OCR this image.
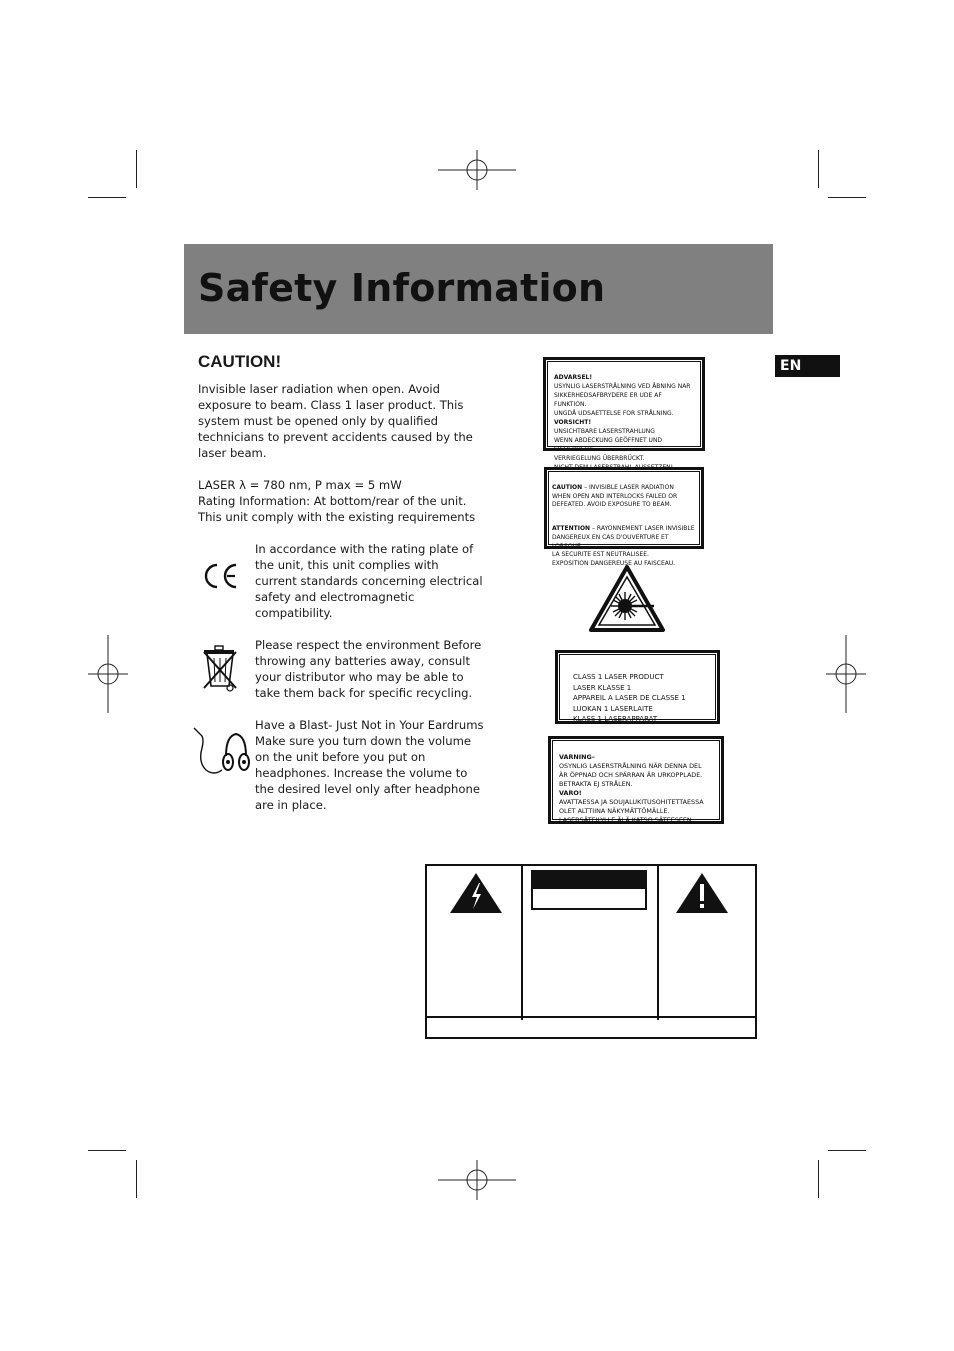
Safety Information
EN
CAUTION!

Invisible laser radiation when open. Avoid
exposure to beam. Class 1 laser product. This
system must be opened only by qualified
technicians to prevent accidents caused by the
laser beam.

LASER λ = 780 nm, P max = 5 mW

Rating Information: At bottom/rear of the unit.
This unit comply with the existing requirements

In accordance with the rating plate of
the unit, this unit complies with
current standards concerning electrical
safety and electromagnetic
compatibility.

Please respect the environment Before
throwing any batteries away, consult
your distributor who may be able to
take them back for specific recycling.

Have a Blast- Just Not in Your Eardrums
Make sure you turn down the volume
on the unit before you put on
headphones. Increase the volume to
the desired level only after headphone
are in place.

ADVARSEL!
USYNLIG LASERSTRÅLNING VED ÅBNING NAR
SIKKERHEDSAFBRYDERE ER UDE AF FUNKTION.
UNGDÅ UDSAETTELSE FOR STRÅLNING.
VORSICHT!
UNSICHTBARE LASERSTRAHLUNG
WENN ABDECKUNG GEÖFFNET UND SICHERHEITS–
VERRIEGELUNG ÜBERBRÜCKT.

CAUTION – INVISIBLE LASER RADIATION
WHEN OPEN AND INTERLOCKS FAILED OR
DEFEATED. AVOID EXPOSURE TO BEAM.

ATTENTION – RAYONNEMENT LASER INVISIBLE
DANGEREUX EN CAS D'OUVERTURE ET LORSQUE
LA SECURITE EST NEUTRALISEE.
EXPOSITION DANGEREUSE AU FAISCEAU.

CLASS 1 LASER PRODUCT
LASER KLASSE 1
APPAREIL A LASER DE CLASSE 1
LUOKAN 1 LASERLAITE
KLASS 1 LASERAPPARAT

VARNING–
OSYNLIG LASERSTRÅLNING NÄR DENNA DEL
ÄR ÖPPNAD OCH SPÄRRAN ÄR URKOPPLADE.
BETRAKTA EJ STRÅLEN.
VARO!
AVATTAESSA JA SOUJALUKITUSOHITETTAESSA
OLET ALTTIINA NÄKYMÄTTÖMÄLLE.
LASERSÄTEILYLLE ÄLÄ KATSO SÄTEESEEN.
